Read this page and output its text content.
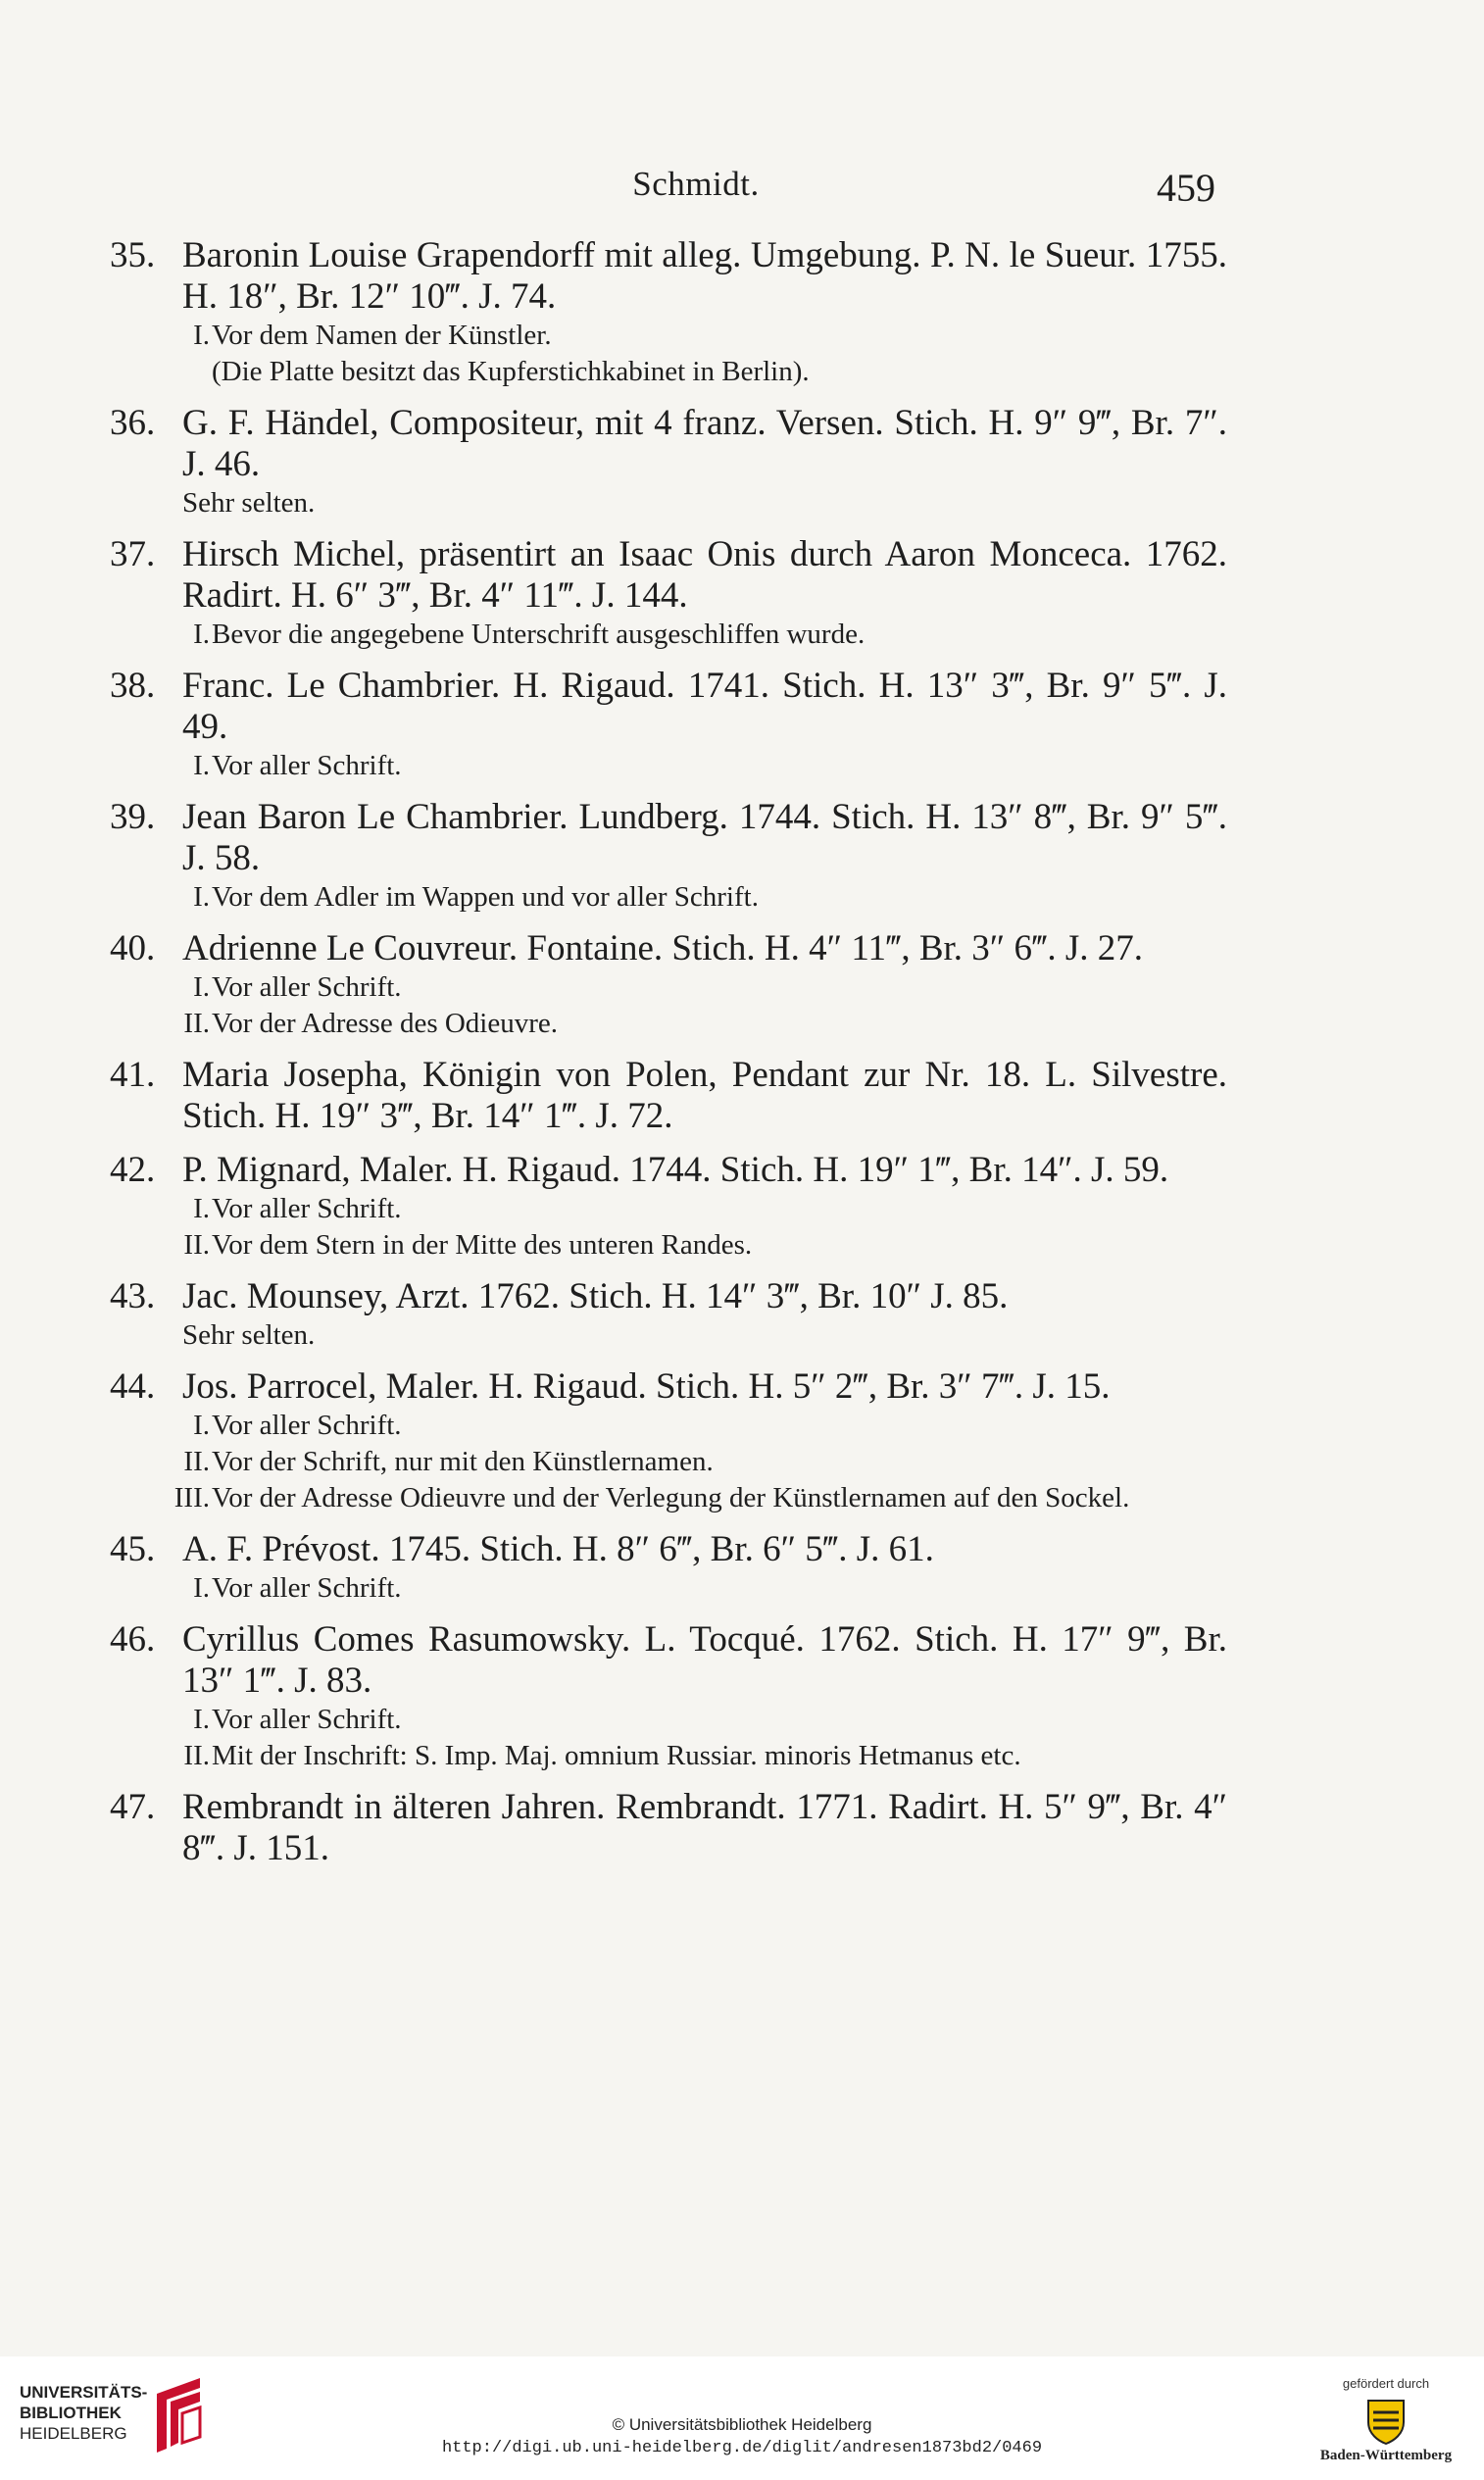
Schmidt.	459
35. Baronin Louise Grapendorff mit alleg. Umgebung. P. N. le Sueur. 1755. H. 18″, Br. 12″ 10‴. J. 74.
I. Vor dem Namen der Künstler.
(Die Platte besitzt das Kupferstichkabinet in Berlin).
36. G. F. Händel, Compositeur, mit 4 franz. Versen. Stich. H. 9″ 9‴, Br. 7″. J. 46.
Sehr selten.
37. Hirsch Michel, präsentirt an Isaac Onis durch Aaron Monceca. 1762. Radirt. H. 6″ 3‴, Br. 4″ 11‴. J. 144.
I. Bevor die angegebene Unterschrift ausgeschliffen wurde.
38. Franc. Le Chambrier. H. Rigaud. 1741. Stich. H. 13″ 3‴, Br. 9″ 5‴. J. 49.
I. Vor aller Schrift.
39. Jean Baron Le Chambrier. Lundberg. 1744. Stich. H. 13″ 8‴, Br. 9″ 5‴. J. 58.
I. Vor dem Adler im Wappen und vor aller Schrift.
40. Adrienne Le Couvreur. Fontaine. Stich. H. 4″ 11‴, Br. 3″ 6‴. J. 27.
I. Vor aller Schrift.
II. Vor der Adresse des Odieuvre.
41. Maria Josepha, Königin von Polen, Pendant zur Nr. 18. L. Silvestre. Stich. H. 19″ 3‴, Br. 14″ 1‴. J. 72.
42. P. Mignard, Maler. H. Rigaud. 1744. Stich. H. 19″ 1‴, Br. 14″. J. 59.
I. Vor aller Schrift.
II. Vor dem Stern in der Mitte des unteren Randes.
43. Jac. Mounsey, Arzt. 1762. Stich. H. 14″ 3‴, Br. 10″ J. 85.
Sehr selten.
44. Jos. Parrocel, Maler. H. Rigaud. Stich. H. 5″ 2‴, Br. 3″ 7‴. J. 15.
I. Vor aller Schrift.
II. Vor der Schrift, nur mit den Künstlernamen.
III. Vor der Adresse Odieuvre und der Verlegung der Künstlernamen auf den Sockel.
45. A. F. Prévost. 1745. Stich. H. 8″ 6‴, Br. 6″ 5‴. J. 61.
I. Vor aller Schrift.
46. Cyrillus Comes Rasumowsky. L. Tocqué. 1762. Stich. H. 17″ 9‴, Br. 13″ 1‴. J. 83.
I. Vor aller Schrift.
II. Mit der Inschrift: S. Imp. Maj. omnium Russiar. minoris Hetmanus etc.
47. Rembrandt in älteren Jahren. Rembrandt. 1771. Radirt. H. 5″ 9‴, Br. 4″ 8‴. J. 151.
UNIVERSITÄTS-
BIBLIOTHEK
HEIDELBERG	© Universitätsbibliothek Heidelberg
http://digi.ub.uni-heidelberg.de/diglit/andresen1873bd2/0469
gefördert durch
Baden-Württemberg
